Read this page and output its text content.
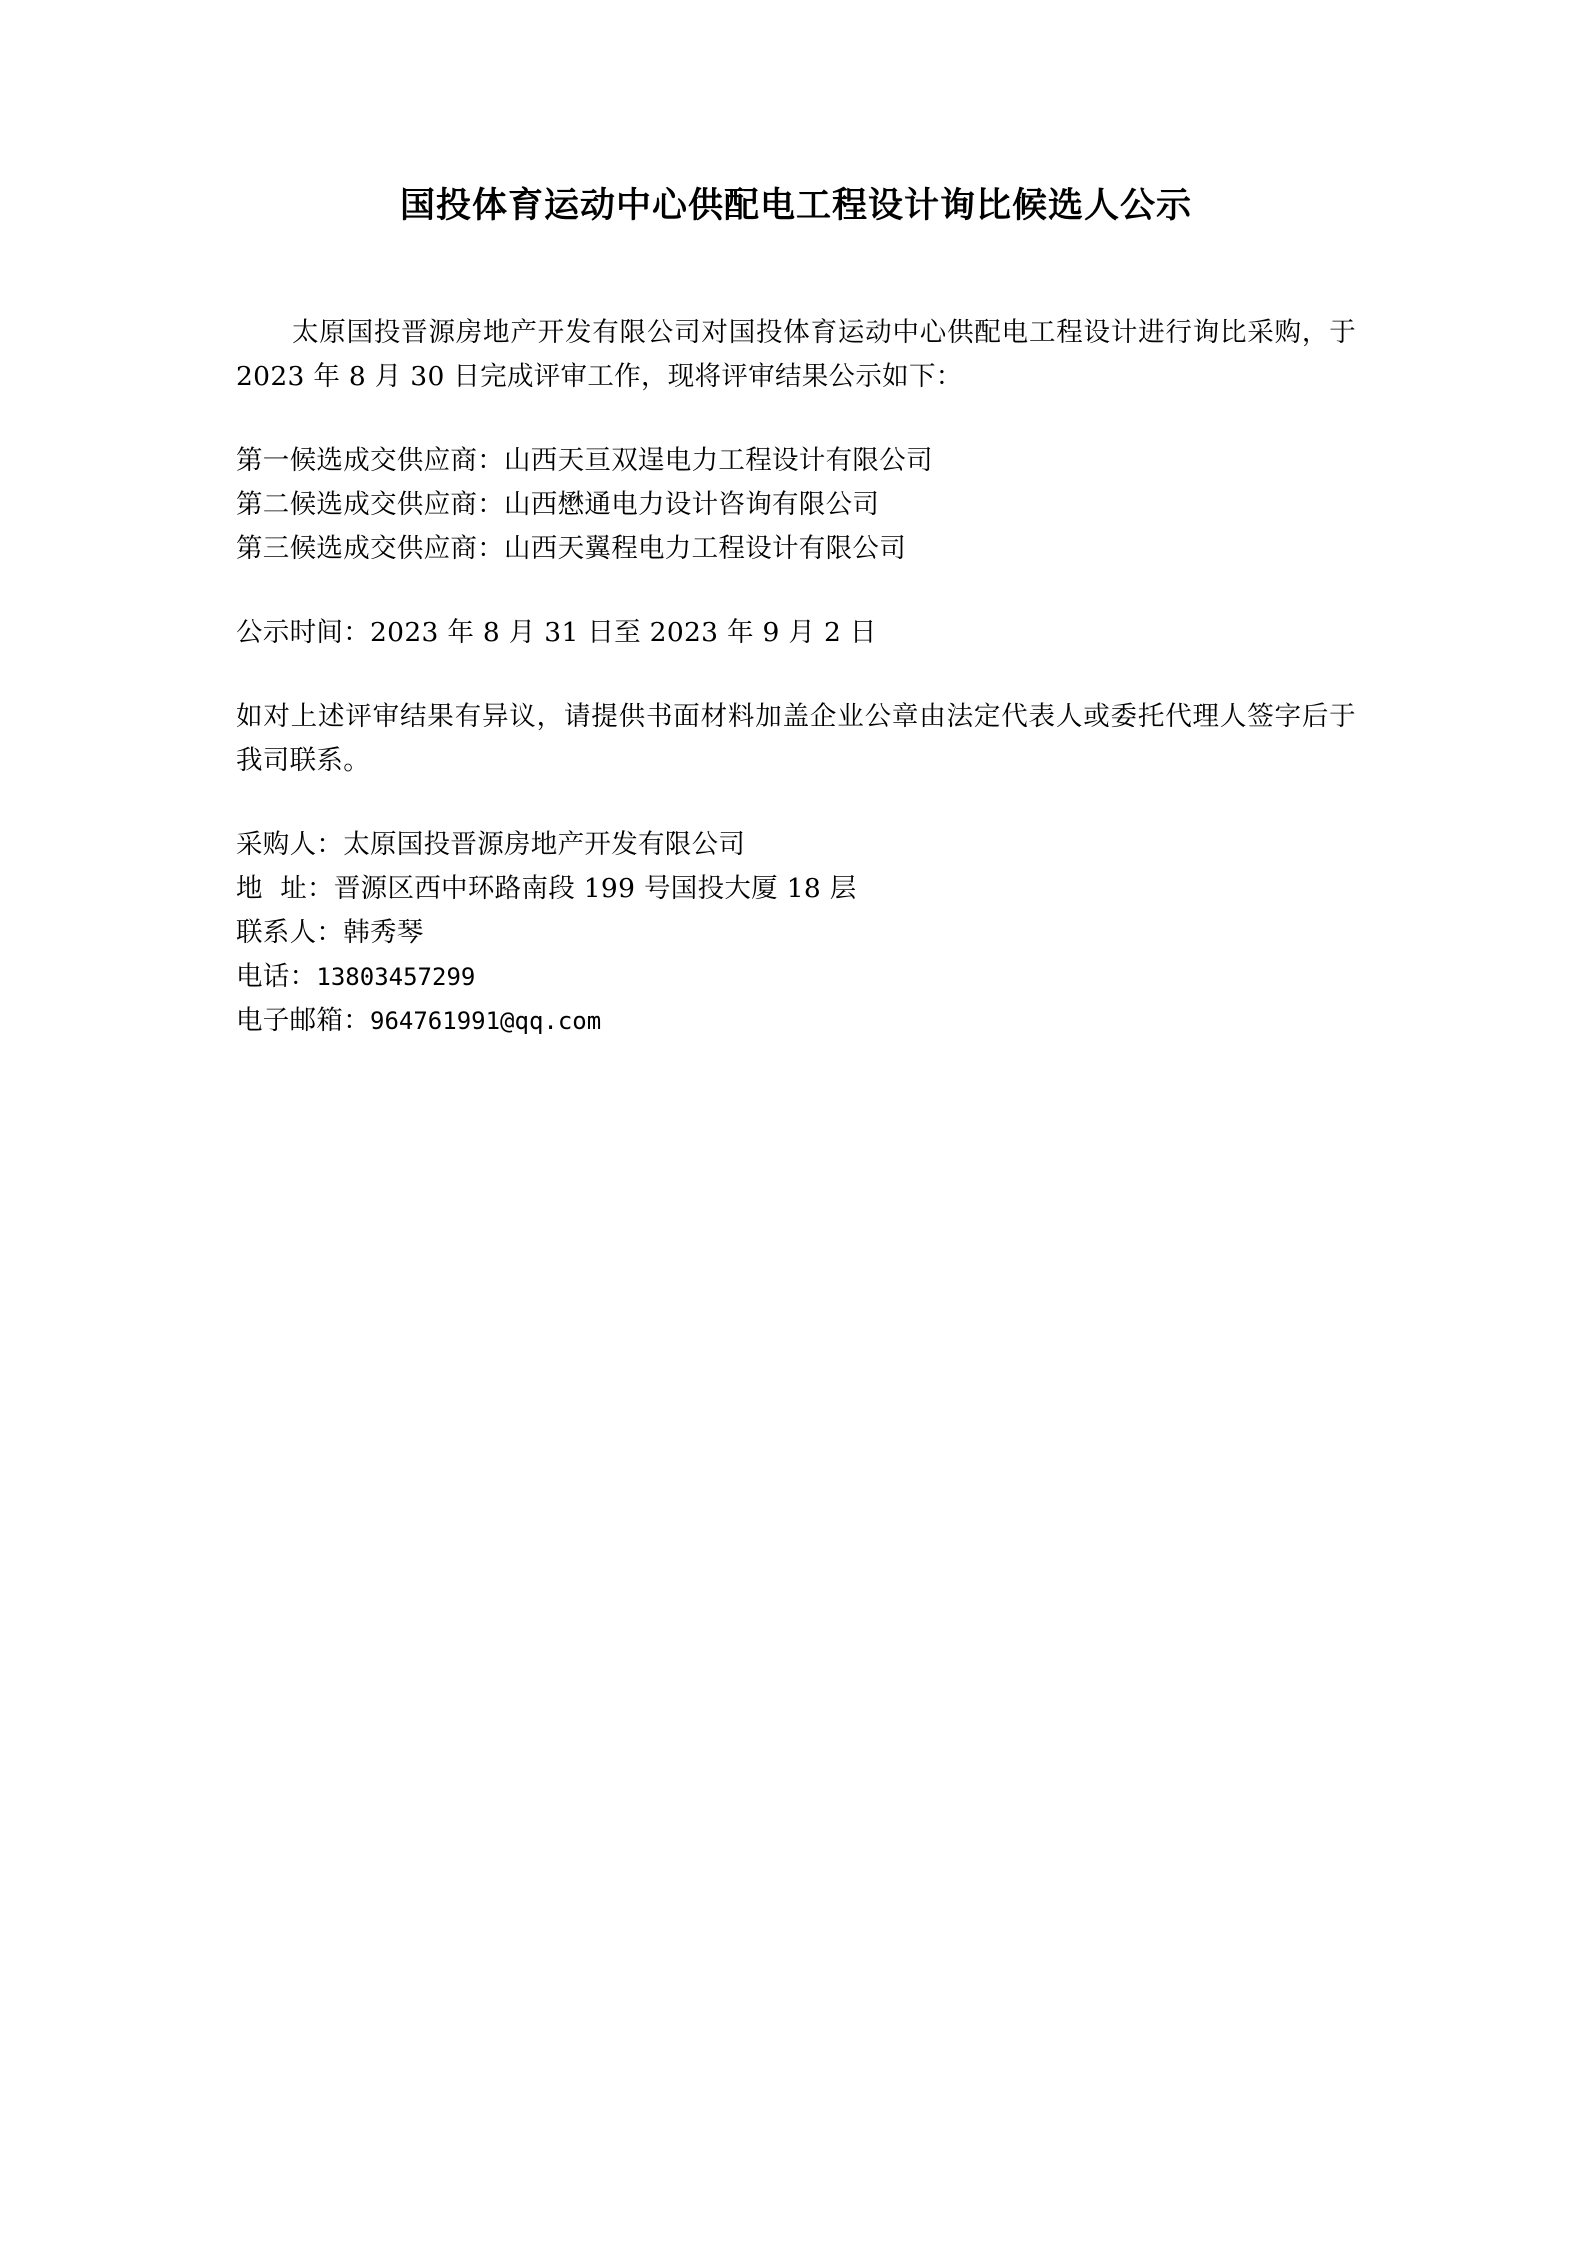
国投体育运动中心供配电工程设计询比候选人公示

太原国投晋源房地产开发有限公司对国投体育运动中心供配电工程设计进行询比采购，于 2023 年 8 月 30 日完成评审工作，现将评审结果公示如下：

第一候选成交供应商：山西天亘双逞电力工程设计有限公司

第二候选成交供应商：山西懋通电力设计咨询有限公司

第三候选成交供应商：山西天翼程电力工程设计有限公司

公示时间：2023 年 8 月 31 日至 2023 年 9 月 2 日

如对上述评审结果有异议，请提供书面材料加盖企业公章由法定代表人或委托代理人签字后于我司联系。

采购人：太原国投晋源房地产开发有限公司

地  址：晋源区西中环路南段 199 号国投大厦 18 层

联系人：韩秀琴

电话：13803457299

电子邮箱：964761991@qq.com
